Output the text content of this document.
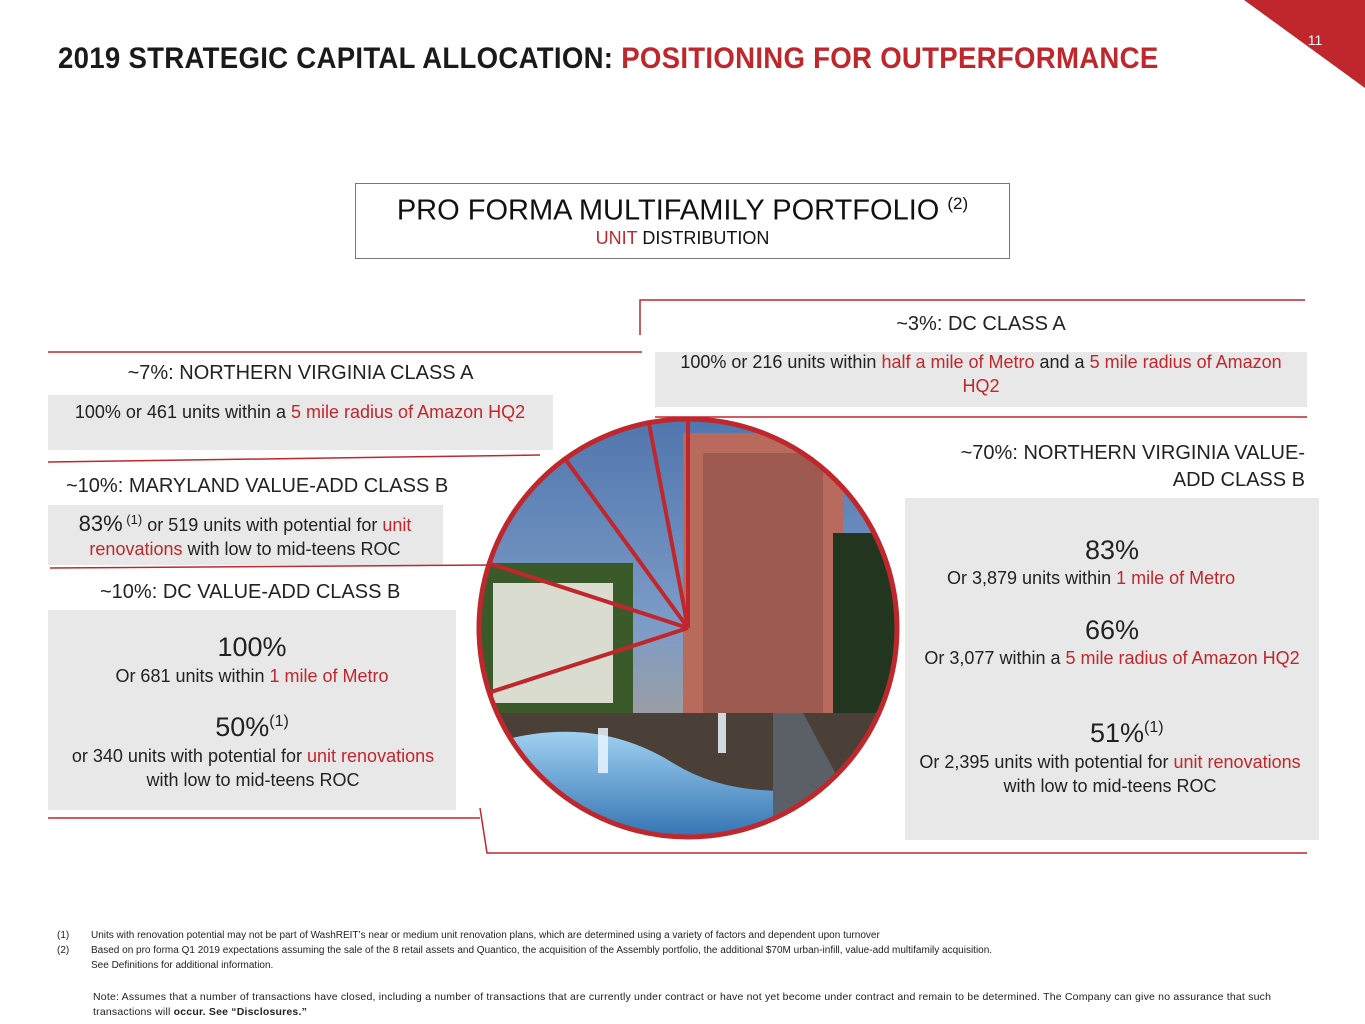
2019 STRATEGIC CAPITAL ALLOCATION: POSITIONING FOR OUTPERFORMANCE
11
PRO FORMA MULTIFAMILY PORTFOLIO $^{(2)}$
UNIT DISTRIBUTION
~3%: DC CLASS A
100% or 216 units within half a mile of Metro and a 5 mile radius of Amazon HQ2
~7%: NORTHERN VIRGINIA CLASS A
100% or 461 units within a 5 mile radius of Amazon HQ2
~10%: MARYLAND VALUE-ADD CLASS B
83% $^{(1)}$ or 519 units with potential for unit renovations with low to mid-teens ROC
~10%: DC VALUE-ADD CLASS B
100%
Or 681 units within 1 mile of Metro
50%$^{(1)}$
or 340 units with potential for unit renovations with low to mid-teens ROC
~70%: NORTHERN VIRGINIA VALUE-ADD CLASS B
83%
Or 3,879 units within 1 mile of Metro
66%
Or 3,077 within a 5 mile radius of Amazon HQ2
51%$^{(1)}$
Or 2,395 units with potential for unit renovations with low to mid-teens ROC
(1) Units with renovation potential may not be part of WashREIT’s near or medium unit renovation plans, which are determined using a variety of factors and dependent upon turnover
(2) Based on pro forma Q1 2019 expectations assuming the sale of the 8 retail assets and Quantico, the acquisition of the Assembly portfolio, the additional $70M urban-infill, value-add multifamily acquisition.
See Definitions for additional information.
Note: Assumes that a number of transactions have closed, including a number of transactions that are currently under contract or have not yet become under contract and remain to be determined. The Company can give no assurance that such transactions will occur. See “Disclosures.”
